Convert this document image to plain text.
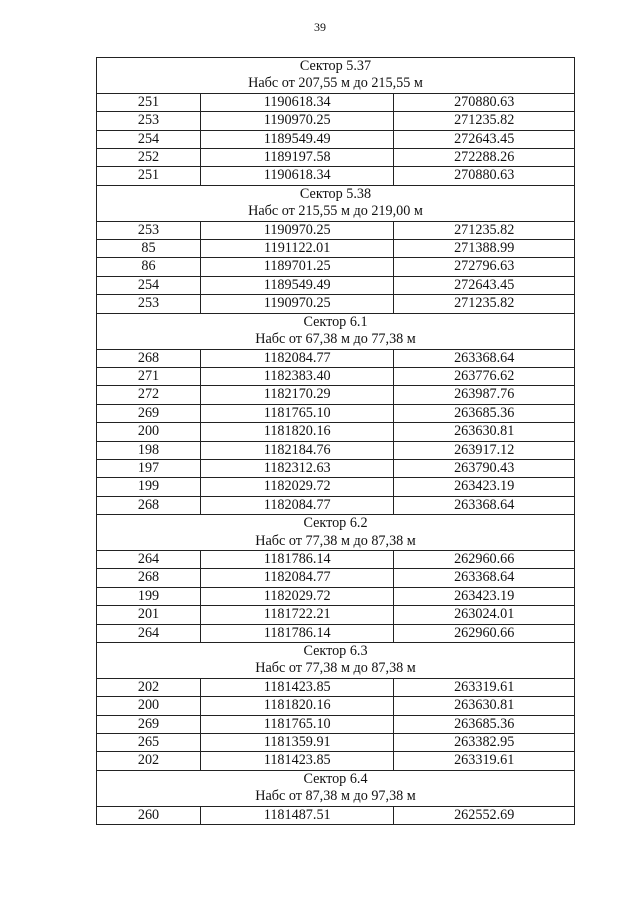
39
Сектор 5.37
Набс от 207,55 м до 215,55 м		

251	1190618.34	270880.63
253	1190970.25	271235.82
254	1189549.49	272643.45
252	1189197.58	272288.26
251	1190618.34	270880.63

Сектор 5.38
Набс от 215,55 м до 219,00 м		

253	1190970.25	271235.82
85	1191122.01	271388.99
86	1189701.25	272796.63
254	1189549.49	272643.45
253	1190970.25	271235.82

Сектор 6.1
Набс от 67,38 м до 77,38 м		

268	1182084.77	263368.64
271	1182383.40	263776.62
272	1182170.29	263987.76
269	1181765.10	263685.36
200	1181820.16	263630.81
198	1182184.76	263917.12
197	1182312.63	263790.43
199	1182029.72	263423.19
268	1182084.77	263368.64

Сектор 6.2
Набс от 77,38 м до 87,38 м		

264	1181786.14	262960.66
268	1182084.77	263368.64
199	1182029.72	263423.19
201	1181722.21	263024.01
264	1181786.14	262960.66

Сектор 6.3
Набс от 77,38 м до 87,38 м		

202	1181423.85	263319.61
200	1181820.16	263630.81
269	1181765.10	263685.36
265	1181359.91	263382.95
202	1181423.85	263319.61

Сектор 6.4
Набс от 87,38 м до 97,38 м		

260	1181487.51	262552.69
